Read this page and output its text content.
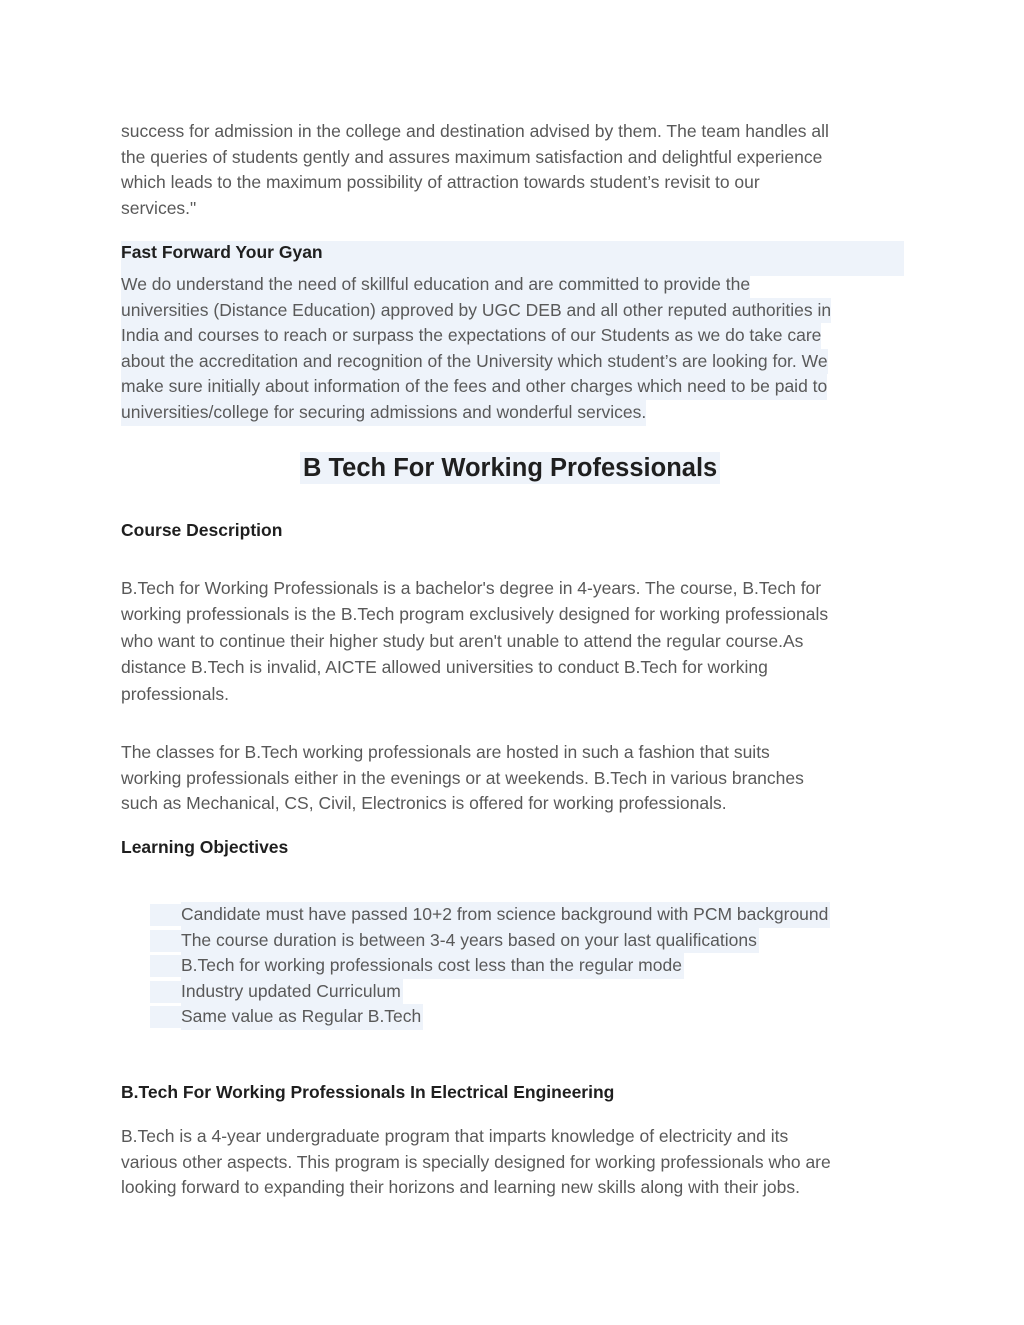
success for admission in the college and destination advised by them. The team handles all
the queries of students gently and assures maximum satisfaction and delightful experience
which leads to the maximum possibility of attraction towards student’s revisit to our
services."

Fast Forward Your Gyan

We do understand the need of skillful education and are committed to provide the
universities (Distance Education) approved by UGC DEB and all other reputed authorities in
India and courses to reach or surpass the expectations of our Students as we do take care
about the accreditation and recognition of the University which student’s are looking for. We
make sure initially about information of the fees and other charges which need to be paid to
universities/college for securing admissions and wonderful services.

B Tech For Working Professionals
Course Description

B.Tech for Working Professionals is a bachelor's degree in 4-years. The course, B.Tech for
working professionals is the B.Tech program exclusively designed for working professionals
who want to continue their higher study but aren't unable to attend the regular course.As
distance B.Tech is invalid, AICTE allowed universities to conduct B.Tech for working
professionals.

The classes for B.Tech working professionals are hosted in such a fashion that suits
working professionals either in the evenings or at weekends. B.Tech in various branches
such as Mechanical, CS, Civil, Electronics is offered for working professionals.

Learning Objectives
Candidate must have passed 10+2 from science background with PCM background
The course duration is between 3-4 years based on your last qualifications
B.Tech for working professionals cost less than the regular mode
Industry updated Curriculum
Same value as Regular B.Tech
B.Tech For Working Professionals In Electrical Engineering

B.Tech is a 4-year undergraduate program that imparts knowledge of electricity and its
various other aspects. This program is specially designed for working professionals who are
looking forward to expanding their horizons and learning new skills along with their jobs.
